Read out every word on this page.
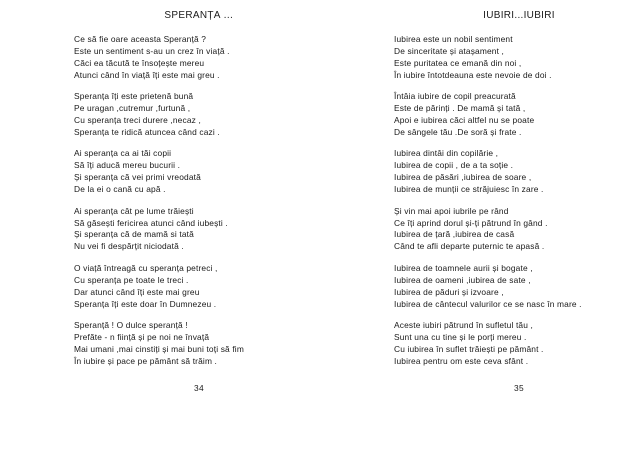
SPERANȚA …
Ce să fie oare aceasta Speranță ?
Este un sentiment s-au un crez în viață .
Căci ea tăcută te însoțește mereu
Atunci când în viață îți este mai greu .
Speranța îți este prietenă bună
Pe uragan ,cutremur ,furtună ,
Cu speranța treci durere ,necaz ,
Speranța te ridică atuncea când cazi .
Ai speranța ca ai tăi copii
Să îți aducă mereu bucurii .
Și speranța că vei primi vreodată
De la ei o cană cu apă .
Ai speranța cât pe lume trăiești
Să găsești fericirea atunci când iubești .
Și speranța că de mamă si tată
Nu vei fi despărțit niciodată .
O viață întreagă cu speranța petreci ,
Cu speranța pe toate le treci .
Dar atunci când îți este mai greu
Speranța îți este doar în Dumnezeu .
Speranță ! O dulce speranță !
Prefăte - n ființă și pe noi ne învață
Mai umani ,mai cinstiți și mai buni toți să fim
În iubire și pace pe pământ să trăim .
34
IUBIRI...IUBIRI
Iubirea este un nobil sentiment
De sinceritate și atașament ,
Este puritatea ce emană din noi ,
În iubire întotdeauna este nevoie de doi .
Întâia iubire de copil preacurată
Este de părinți . De mamă și tată ,
Apoi e iubirea căci altfel nu se poate
De sângele tău .De soră și frate .
Iubirea dintâi din copilărie ,
Iubirea de copii , de a ta soție .
Iubirea de păsări ,iubirea de soare ,
Iubirea de munții ce străjuiesc în zare .
Și vin mai apoi iubrile pe rând
Ce îți aprind dorul și-ți pătrund în gând .
Iubirea de țară ,iubirea de casă
Când te afli departe puternic te apasă .
Iubirea de toamnele aurii și bogate ,
Iubirea de oameni ,iubirea de sate ,
Iubirea de păduri și izvoare ,
Iubirea de cântecul valurilor ce se nasc în mare .
Aceste iubiri pătrund în sufletul tău ,
Sunt una cu tine și le porți mereu .
Cu iubirea în suflet trăiești pe pământ .
Iubirea pentru om este ceva sfânt .
35
